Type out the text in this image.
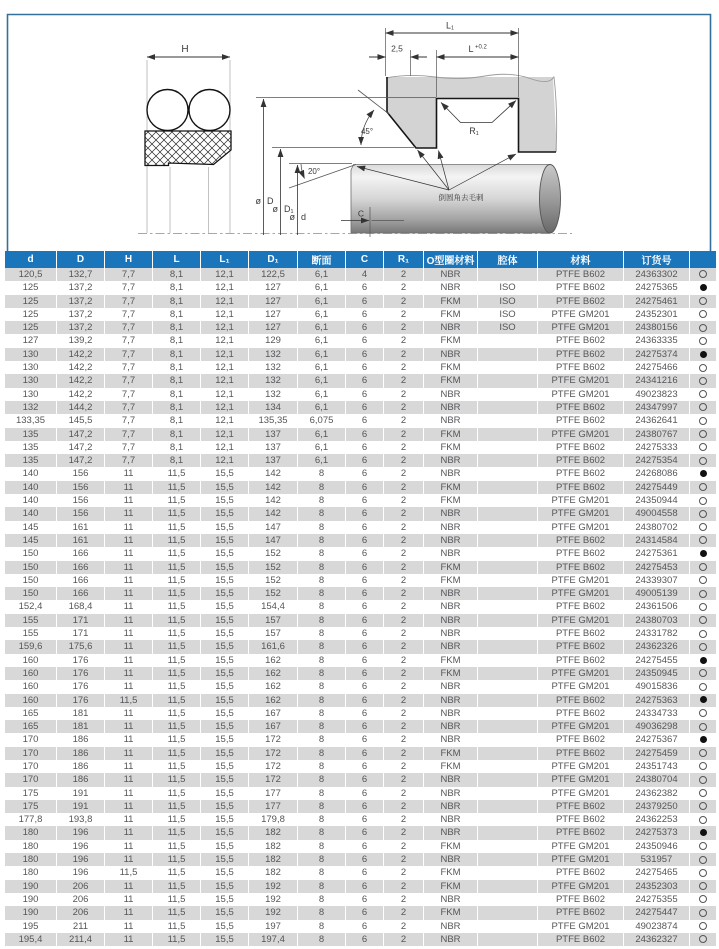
H
L₁
2,5	L +0.2
45°
20°
R₁
ø D
ø D₁
ø d	C
倒圆角去毛刺
d	D	H	L	L₁	D₁	断面	C	R₁	O型圈材料	腔体	材料	订货号	
120,5	132,7	7,7	8,1	12,1	122,5	6,1	4	2	NBR		PTFE B602	24363302	
125	137,2	7,7	8,1	12,1	127	6,1	6	2	NBR	ISO	PTFE B602	24275365	
125	137,2	7,7	8,1	12,1	127	6,1	6	2	FKM	ISO	PTFE B602	24275461	
125	137,2	7,7	8,1	12,1	127	6,1	6	2	FKM	ISO	PTFE GM201	24352301	
125	137,2	7,7	8,1	12,1	127	6,1	6	2	NBR	ISO	PTFE GM201	24380156	
127	139,2	7,7	8,1	12,1	129	6,1	6	2	FKM		PTFE B602	24363335	
130	142,2	7,7	8,1	12,1	132	6,1	6	2	NBR		PTFE B602	24275374	
130	142,2	7,7	8,1	12,1	132	6,1	6	2	FKM		PTFE B602	24275466	
130	142,2	7,7	8,1	12,1	132	6,1	6	2	FKM		PTFE GM201	24341216	
130	142,2	7,7	8,1	12,1	132	6,1	6	2	NBR		PTFE GM201	49023823	
132	144,2	7,7	8,1	12,1	134	6,1	6	2	NBR		PTFE B602	24347997	
133,35	145,5	7,7	8,1	12,1	135,35	6,075	6	2	NBR		PTFE B602	24362641	
135	147,2	7,7	8,1	12,1	137	6,1	6	2	FKM		PTFE GM201	24380767	
135	147,2	7,7	8,1	12,1	137	6,1	6	2	FKM		PTFE B602	24275333	
135	147,2	7,7	8,1	12,1	137	6,1	6	2	NBR		PTFE B602	24275354	
140	156	11	11,5	15,5	142	8	6	2	NBR		PTFE B602	24268086	
140	156	11	11,5	15,5	142	8	6	2	FKM		PTFE B602	24275449	
140	156	11	11,5	15,5	142	8	6	2	FKM		PTFE GM201	24350944	
140	156	11	11,5	15,5	142	8	6	2	NBR		PTFE GM201	49004558	
145	161	11	11,5	15,5	147	8	6	2	NBR		PTFE GM201	24380702	
145	161	11	11,5	15,5	147	8	6	2	NBR		PTFE B602	24314584	
150	166	11	11,5	15,5	152	8	6	2	NBR		PTFE B602	24275361	
150	166	11	11,5	15,5	152	8	6	2	FKM		PTFE B602	24275453	
150	166	11	11,5	15,5	152	8	6	2	FKM		PTFE GM201	24339307	
150	166	11	11,5	15,5	152	8	6	2	NBR		PTFE GM201	49005139	
152,4	168,4	11	11,5	15,5	154,4	8	6	2	NBR		PTFE B602	24361506	
155	171	11	11,5	15,5	157	8	6	2	NBR		PTFE GM201	24380703	
155	171	11	11,5	15,5	157	8	6	2	NBR		PTFE B602	24331782	
159,6	175,6	11	11,5	15,5	161,6	8	6	2	NBR		PTFE B602	24362326	
160	176	11	11,5	15,5	162	8	6	2	FKM		PTFE B602	24275455	
160	176	11	11,5	15,5	162	8	6	2	FKM		PTFE GM201	24350945	
160	176	11	11,5	15,5	162	8	6	2	NBR		PTFE GM201	49015836	
160	176	11,5	11,5	15,5	162	8	6	2	NBR		PTFE B602	24275363	
165	181	11	11,5	15,5	167	8	6	2	NBR		PTFE B602	24334733	
165	181	11	11,5	15,5	167	8	6	2	NBR		PTFE GM201	49036298	
170	186	11	11,5	15,5	172	8	6	2	NBR		PTFE B602	24275367	
170	186	11	11,5	15,5	172	8	6	2	FKM		PTFE B602	24275459	
170	186	11	11,5	15,5	172	8	6	2	FKM		PTFE GM201	24351743	
170	186	11	11,5	15,5	172	8	6	2	NBR		PTFE GM201	24380704	
175	191	11	11,5	15,5	177	8	6	2	NBR		PTFE GM201	24362382	
175	191	11	11,5	15,5	177	8	6	2	NBR		PTFE B602	24379250	
177,8	193,8	11	11,5	15,5	179,8	8	6	2	NBR		PTFE B602	24362253	
180	196	11	11,5	15,5	182	8	6	2	NBR		PTFE B602	24275373	
180	196	11	11,5	15,5	182	8	6	2	FKM		PTFE GM201	24350946	
180	196	11	11,5	15,5	182	8	6	2	NBR		PTFE GM201	531957	
180	196	11,5	11,5	15,5	182	8	6	2	FKM		PTFE B602	24275465	
190	206	11	11,5	15,5	192	8	6	2	FKM		PTFE GM201	24352303	
190	206	11	11,5	15,5	192	8	6	2	NBR		PTFE B602	24275355	
190	206	11	11,5	15,5	192	8	6	2	FKM		PTFE B602	24275447	
195	211	11	11,5	15,5	197	8	6	2	NBR		PTFE GM201	49023874	
195,4	211,4	11	11,5	15,5	197,4	8	6	2	NBR		PTFE B602	24362327	
